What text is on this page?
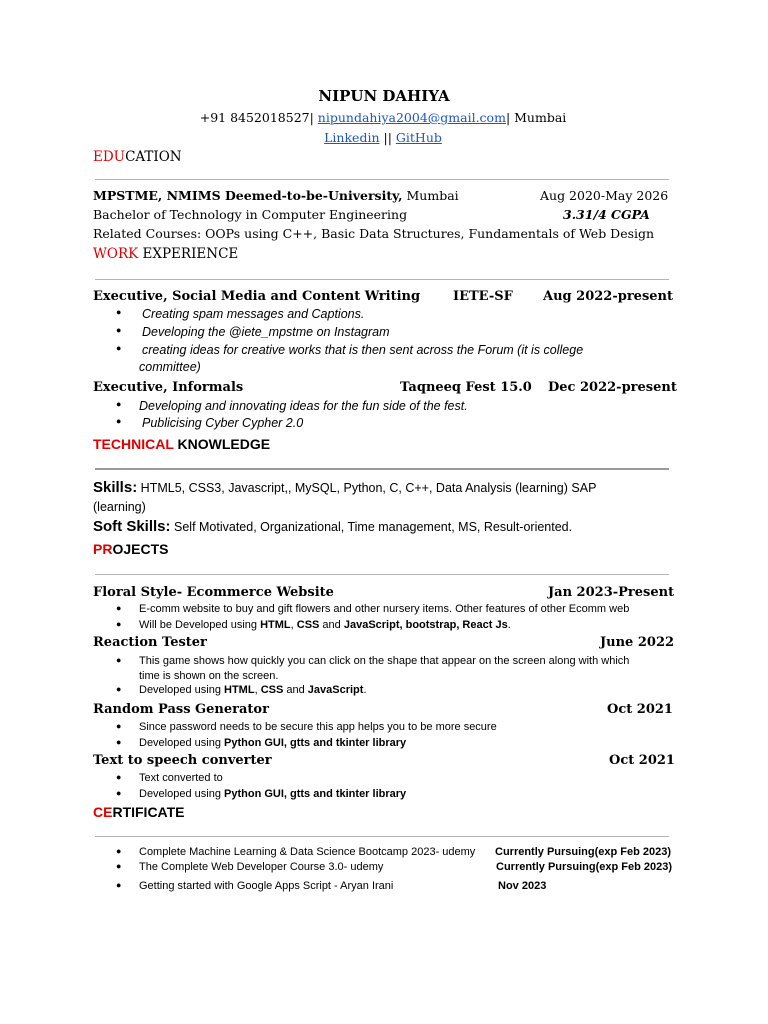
NIPUN DAHIYA
+91 8452018527| nipundahiya2004@gmail.com| Mumbai
Linkedin || GitHub
EDUCATION
MPSTME, NMIMS Deemed-to-be-University, Mumbai	Aug 2020-May 2026
Bachelor of Technology in Computer Engineering	3.31/4 CGPA
Related Courses: OOPs using C++, Basic Data Structures, Fundamentals of Web Design
WORK EXPERIENCE
Executive, Social Media and Content Writing	IETE-SF Aug 2022-present
● Creating spam messages and Captions.
● Developing the @iete_mpstme on Instagram
● creating ideas for creative works that is then sent across the Forum (it is college
committee)
Executive, Informals	Taqneeq Fest 15.0 Dec 2022-present
● Developing and innovating ideas for the fun side of the fest.
● Publicising Cyber Cypher 2.0
TECHNICAL KNOWLEDGE
Skills: HTML5, CSS3, Javascript,, MySQL, Python, C, C++, Data Analysis (learning) SAP
(learning)
Soft Skills: Self Motivated, Organizational, Time management, MS, Result-oriented.
PROJECTS
Floral Style- Ecommerce Website	Jan 2023-Present
● E-comm website to buy and gift flowers and other nursery items. Other features of other Ecomm web
● Will be Developed using HTML, CSS and JavaScript, bootstrap, React Js.
Reaction Tester	June 2022
● This game shows how quickly you can click on the shape that appear on the screen along with which
time is shown on the screen.
● Developed using HTML, CSS and JavaScript.
Random Pass Generator	Oct 2021
● Since password needs to be secure this app helps you to be more secure
● Developed using Python GUI, gtts and tkinter library
Text to speech converter	Oct 2021
● Text converted to
● Developed using Python GUI, gtts and tkinter library
CERTIFICATE
● Complete Machine Learning & Data Science Bootcamp 2023- udemy Currently Pursuing(exp Feb 2023)
● The Complete Web Developer Course 3.0- udemy	Currently Pursuing(exp Feb 2023)
● Getting started with Google Apps Script - Aryan Irani	Nov 2023
